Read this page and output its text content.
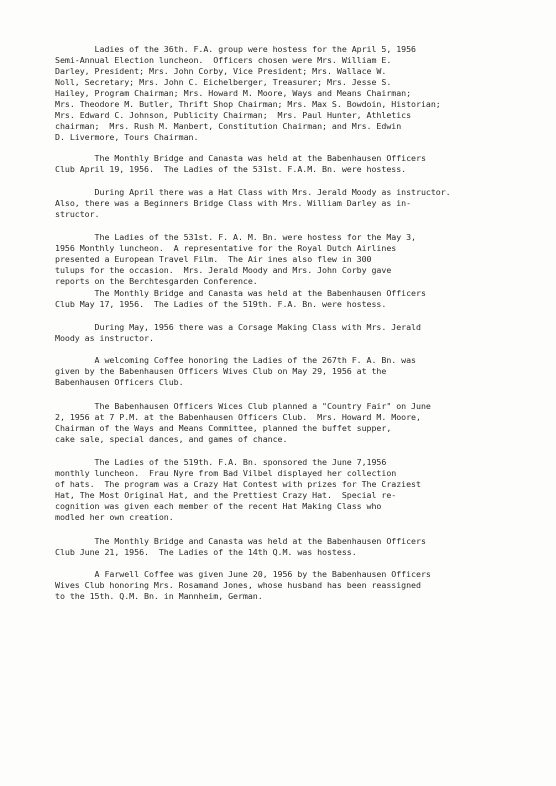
Ladies of the 36th. F.A. group were hostess for the April 5, 1956
Semi-Annual Election luncheon.  Officers chosen were Mrs. William E.
Darley, President; Mrs. John Corby, Vice President; Mrs. Wallace W.
Noll, Secretary; Mrs. John C. Eichelberger, Treasurer; Mrs. Jesse S.
Hailey, Program Chairman; Mrs. Howard M. Moore, Ways and Means Chairman;
Mrs. Theodore M. Butler, Thrift Shop Chairman; Mrs. Max S. Bowdoin, Historian;
Mrs. Edward C. Johnson, Publicity Chairman;  Mrs. Paul Hunter, Athletics
chairman;  Mrs. Rush M. Manbert, Constitution Chairman; and Mrs. Edwin
D. Livermore, Tours Chairman.
The Monthly Bridge and Canasta was held at the Babenhausen Officers
Club April 19, 1956.  The Ladies of the 531st. F.A.M. Bn. were hostess.
During April there was a Hat Class with Mrs. Jerald Moody as instructor.
Also, there was a Beginners Bridge Class with Mrs. William Darley as in-
structor.
The Ladies of the 531st. F. A. M. Bn. were hostess for the May 3,
1956 Monthly luncheon.  A representative for the Royal Dutch Airlines
presented a European Travel Film.  The Air ines also flew in 300
tulups for the occasion.  Mrs. Jerald Moody and Mrs. John Corby gave
reports on the Berchtesgarden Conference.
The Monthly Bridge and Canasta was held at the Babenhausen Officers
Club May 17, 1956.  The Ladies of the 519th. F.A. Bn. were hostess.
During May, 1956 there was a Corsage Making Class with Mrs. Jerald
Moody as instructor.
A welcoming Coffee honoring the Ladies of the 267th F. A. Bn. was
given by the Babenhausen Officers Wives Club on May 29, 1956 at the
Babenhausen Officers Club.
The Babenhausen Officers Wices Club planned a "Country Fair" on June
2, 1956 at 7 P.M. at the Babenhausen Officers Club.  Mrs. Howard M. Moore,
Chairman of the Ways and Means Committee, planned the buffet supper,
cake sale, special dances, and games of chance.
The Ladies of the 519th. F.A. Bn. sponsored the June 7,1956
monthly luncheon.  Frau Nyre from Bad Vilbel displayed her collection
of hats.  The program was a Crazy Hat Contest with prizes for The Craziest
Hat, The Most Original Hat, and the Prettiest Crazy Hat.  Special re-
cognition was given each member of the recent Hat Making Class who
modled her own creation.
The Monthly Bridge and Canasta was held at the Babenhausen Officers
Club June 21, 1956.  The Ladies of the 14th Q.M. was hostess.
A Farwell Coffee was given June 20, 1956 by the Babenhausen Officers
Wives Club honoring Mrs. Rosamand Jones, whose husband has been reassigned
to the 15th. Q.M. Bn. in Mannheim, German.
